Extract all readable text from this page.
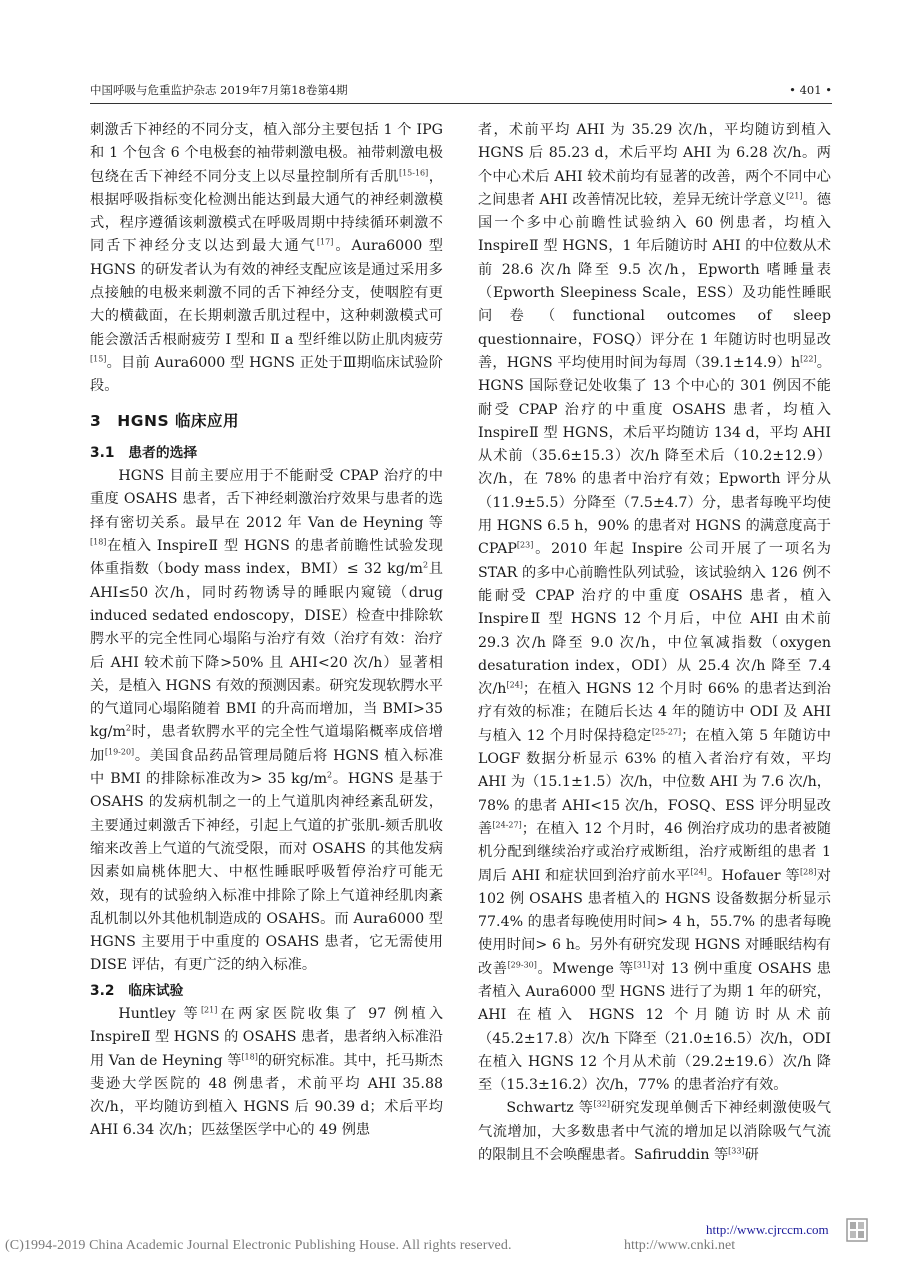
中国呼吸与危重监护杂志 2019年7月第18卷第4期	• 401 •

刺激舌下神经的不同分支，植入部分主要包括 1 个 IPG 和 1 个包含 6 个电极套的袖带刺激电极。袖带刺激电极包绕在舌下神经不同分支上以尽量控制所有舌肌[15-16]，根据呼吸指标变化检测出能达到最大通气的神经刺激模式，程序遵循该刺激模式在呼吸周期中持续循环刺激不同舌下神经分支以达到最大通气[17]。Aura6000 型 HGNS 的研发者认为有效的神经支配应该是通过采用多点接触的电极来刺激不同的舌下神经分支，使咽腔有更大的横截面，在长期刺激舌肌过程中，这种刺激模式可能会激活舌根耐疲劳 Ⅰ 型和 Ⅱ a 型纤维以防止肌肉疲劳[15]。目前 Aura6000 型 HGNS 正处于Ⅲ期临床试验阶段。

3　HGNS 临床应用
3.1　患者的选择

HGNS 目前主要应用于不能耐受 CPAP 治疗的中重度 OSAHS 患者，舌下神经刺激治疗效果与患者的选择有密切关系。最早在 2012 年 Van de Heyning 等[18]在植入 InspireⅡ 型 HGNS 的患者前瞻性试验发现体重指数（body mass index，BMI）≤ 32 $kg/m^2$且 AHI≤50 次/h，同时药物诱导的睡眠内窥镜（drug induced sedated endoscopy，DISE）检查中排除软腭水平的完全性同心塌陷与治疗有效（治疗有效：治疗后 AHI 较术前下降>50% 且 AHI<20 次/h）显著相关，是植入 HGNS 有效的预测因素。研究发现软腭水平的气道同心塌陷随着 BMI 的升高而增加，当 BMI>35 $kg/m^2$时，患者软腭水平的完全性气道塌陷概率成倍增加[19-20]。美国食品药品管理局随后将 HGNS 植入标准中 BMI 的排除标准改为> 35 $kg/m^2$。HGNS 是基于 OSAHS 的发病机制之一的上气道肌肉神经紊乱研发，主要通过刺激舌下神经，引起上气道的扩张肌-颏舌肌收缩来改善上气道的气流受限，而对 OSAHS 的其他发病因素如扁桃体肥大、中枢性睡眠呼吸暂停治疗可能无效，现有的试验纳入标准中排除了除上气道神经肌肉紊乱机制以外其他机制造成的 OSAHS。而 Aura6000 型 HGNS 主要用于中重度的 OSAHS 患者，它无需使用 DISE 评估，有更广泛的纳入标准。

3.2　临床试验

Huntley 等[21]在两家医院收集了 97 例植入 InspireⅡ 型 HGNS 的 OSAHS 患者，患者纳入标准沿用 Van de Heyning 等[18]的研究标准。其中，托马斯杰斐逊大学医院的 48 例患者，术前平均 AHI 35.88 次/h，平均随访到植入 HGNS 后 90.39 d；术后平均 AHI 6.34 次/h；匹兹堡医学中心的 49 例患

者，术前平均 AHI 为 35.29 次/h，平均随访到植入 HGNS 后 85.23 d，术后平均 AHI 为 6.28 次/h。两个中心术后 AHI 较术前均有显著的改善，两个不同中心之间患者 AHI 改善情况比较，差异无统计学意义[21]。德国一个多中心前瞻性试验纳入 60 例患者，均植入 InspireⅡ 型 HGNS，1 年后随访时 AHI 的中位数从术前 28.6 次/h 降至 9.5 次/h，Epworth 嗜睡量表（Epworth Sleepiness Scale，ESS）及功能性睡眠问卷（functional outcomes of sleep questionnaire，FOSQ）评分在 1 年随访时也明显改善，HGNS 平均使用时间为每周（39.1±14.9）h[22]。HGNS 国际登记处收集了 13 个中心的 301 例因不能耐受 CPAP 治疗的中重度 OSAHS 患者，均植入 InspireⅡ 型 HGNS，术后平均随访 134 d，平均 AHI 从术前（35.6±15.3）次/h 降至术后（10.2±12.9）次/h，在 78% 的患者中治疗有效；Epworth 评分从（11.9±5.5）分降至（7.5±4.7）分，患者每晚平均使用 HGNS 6.5 h，90% 的患者对 HGNS 的满意度高于 CPAP[23]。2010 年起 Inspire 公司开展了一项名为 STAR 的多中心前瞻性队列试验，该试验纳入 126 例不能耐受 CPAP 治疗的中重度 OSAHS 患者，植入 InspireⅡ 型 HGNS 12 个月后，中位 AHI 由术前 29.3 次/h 降至 9.0 次/h，中位氧减指数（oxygen desaturation index，ODI）从 25.4 次/h 降至 7.4 次/h[24]；在植入 HGNS 12 个月时 66% 的患者达到治疗有效的标准；在随后长达 4 年的随访中 ODI 及 AHI 与植入 12 个月时保持稳定[25-27]；在植入第 5 年随访中 LOGF 数据分析显示 63% 的植入者治疗有效，平均 AHI 为（15.1±1.5）次/h，中位数 AHI 为 7.6 次/h，78% 的患者 AHI<15 次/h，FOSQ、ESS 评分明显改善[24-27]；在植入 12 个月时，46 例治疗成功的患者被随机分配到继续治疗或治疗戒断组，治疗戒断组的患者 1 周后 AHI 和症状回到治疗前水平[24]。Hofauer 等[28]对 102 例 OSAHS 患者植入的 HGNS 设备数据分析显示 77.4% 的患者每晚使用时间> 4 h，55.7% 的患者每晚使用时间> 6 h。另外有研究发现 HGNS 对睡眠结构有改善[29-30]。Mwenge 等[31]对 13 例中重度 OSAHS 患者植入 Aura6000 型 HGNS 进行了为期 1 年的研究，AHI 在植入 HGNS 12 个月随访时从术前（45.2±17.8）次/h 下降至（21.0±16.5）次/h，ODI 在植入 HGNS 12 个月从术前（29.2±19.6）次/h 降至（15.3±16.2）次/h，77% 的患者治疗有效。

Schwartz 等[32]研究发现单侧舌下神经刺激使吸气气流增加，大多数患者中气流的增加足以消除吸气气流的限制且不会唤醒患者。Safiruddin 等[33]研

http://www.cjrccm.com
(C)1994-2019 China Academic Journal Electronic Publishing House. All rights reserved.	http://www.cnki.net
